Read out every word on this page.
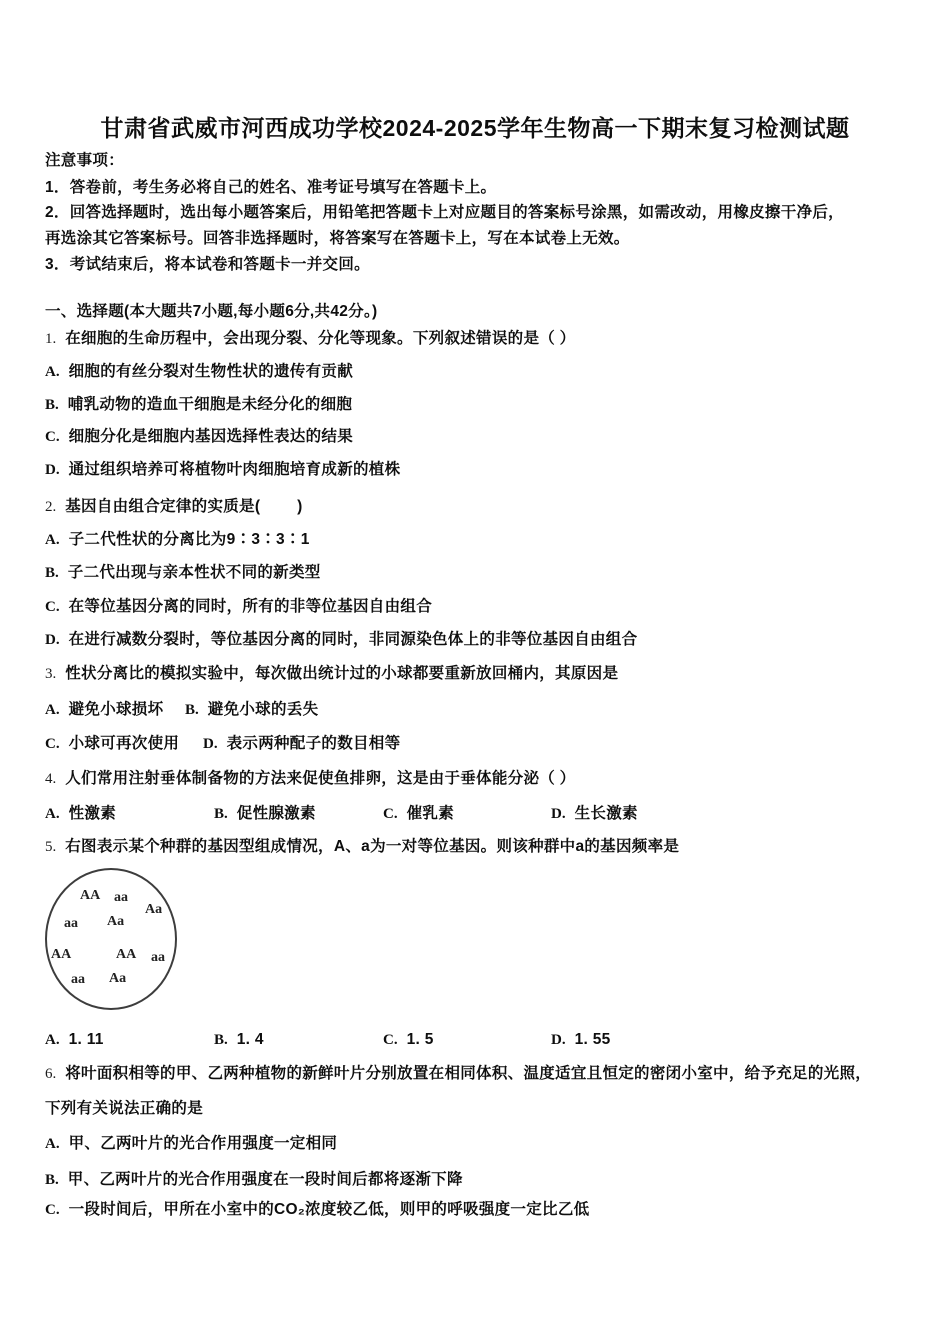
甘肃省武威市河西成功学校2024-2025学年生物高一下期末复习检测试题
注意事项：
1．答卷前，考生务必将自己的姓名、准考证号填写在答题卡上。
2．回答选择题时，选出每小题答案后，用铅笔把答题卡上对应题目的答案标号涂黑，如需改动，用橡皮擦干净后，
再选涂其它答案标号。回答非选择题时，将答案写在答题卡上，写在本试卷上无效。
3．考试结束后，将本试卷和答题卡一并交回。
一、选择题(本大题共7小题,每小题6分,共42分。)
1. 在细胞的生命历程中，会出现分裂、分化等现象。下列叙述错误的是（ ）
A. 细胞的有丝分裂对生物性状的遗传有贡献
B. 哺乳动物的造血干细胞是未经分化的细胞
C. 细胞分化是细胞内基因选择性表达的结果
D. 通过组织培养可将植物叶肉细胞培育成新的植株
2. 基因自由组合定律的实质是(        )
A. 子二代性状的分离比为9∶3∶3∶1
B. 子二代出现与亲本性状不同的新类型
C. 在等位基因分离的同时，所有的非等位基因自由组合
D. 在进行减数分裂时，等位基因分离的同时，非同源染色体上的非等位基因自由组合
3. 性状分离比的模拟实验中，每次做出统计过的小球都要重新放回桶内，其原因是
A. 避免小球损坏 B. 避免小球的丢失
C. 小球可再次使用 D. 表示两种配子的数目相等
4. 人们常用注射垂体制备物的方法来促使鱼排卵，这是由于垂体能分泌（ ）
A. 性激素	B. 促性腺激素	C. 催乳素	D. 生长激素
5. 右图表示某个种群的基因型组成情况，A、a为一对等位基因。则该种群中a的基因频率是
AA aa
Aa
aa Aa
AA	AA aa
aa Aa
A. 1. 11	B. 1. 4	C. 1. 5	D. 1. 55
6. 将叶面积相等的甲、乙两种植物的新鲜叶片分别放置在相同体积、温度适宜且恒定的密闭小室中，给予充足的光照，
下列有关说法正确的是
A. 甲、乙两叶片的光合作用强度一定相同
B. 甲、乙两叶片的光合作用强度在一段时间后都将逐渐下降
C. 一段时间后，甲所在小室中的CO₂浓度较乙低，则甲的呼吸强度一定比乙低
